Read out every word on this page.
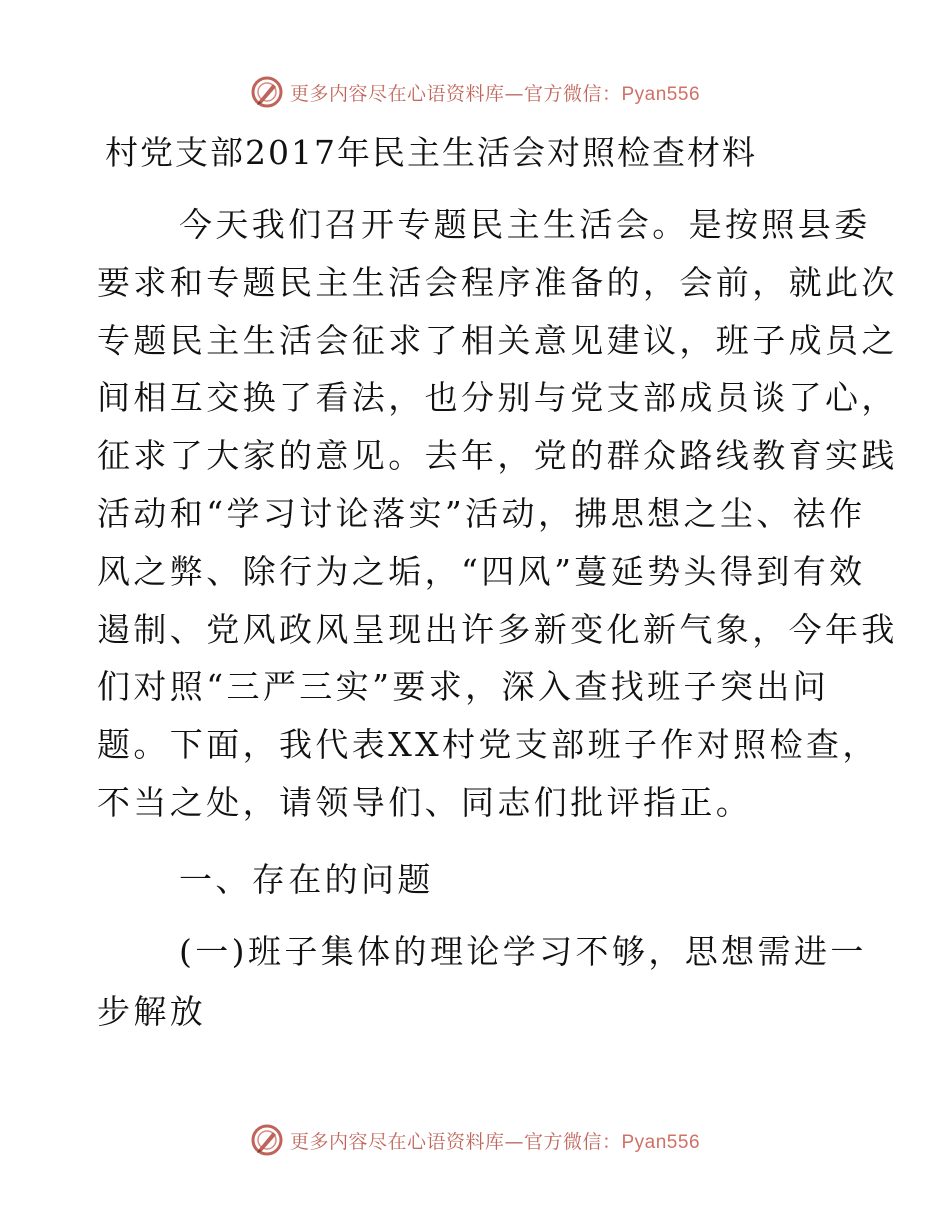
更多内容尽在心语资料库—官方微信：Pyan556
村党支部2017年民主生活会对照检查材料
今天我们召开专题民主生活会。是按照县委
要求和专题民主生活会程序准备的，会前，就此次
专题民主生活会征求了相关意见建议，班子成员之
间相互交换了看法，也分别与党支部成员谈了心，
征求了大家的意见。去年，党的群众路线教育实践
活动和“学习讨论落实”活动，拂思想之尘、祛作
风之弊、除行为之垢，“四风”蔓延势头得到有效
遏制、党风政风呈现出许多新变化新气象，今年我
们对照“三严三实”要求，深入查找班子突出问
题。下面，我代表XX村党支部班子作对照检查，
不当之处，请领导们、同志们批评指正。
一、存在的问题
(一)班子集体的理论学习不够，思想需进一
步解放
更多内容尽在心语资料库—官方微信：Pyan556
